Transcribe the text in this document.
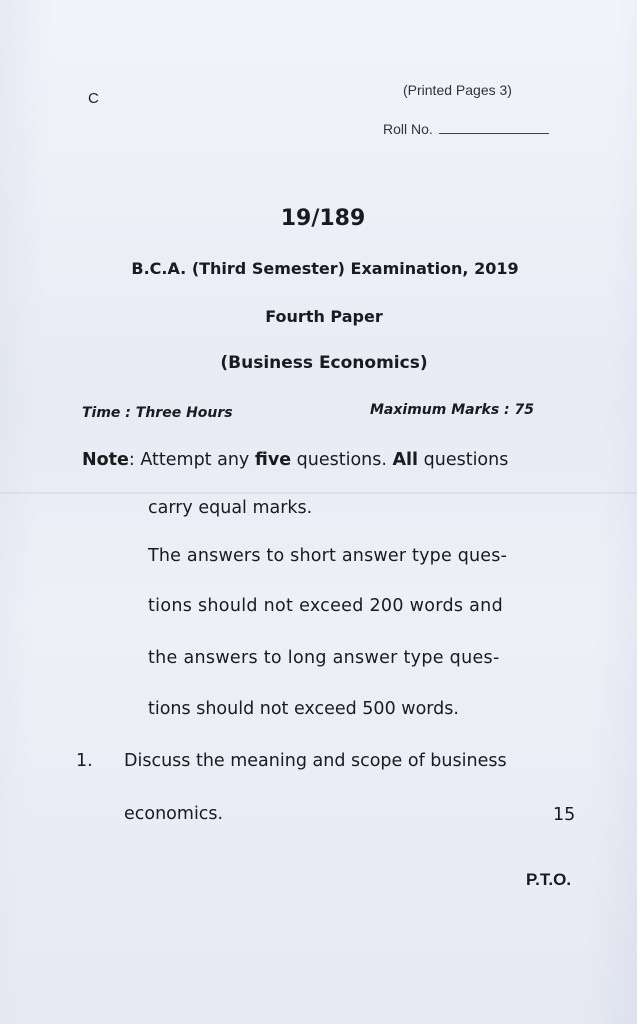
C	(Printed Pages 3)
Roll No.
19/189
B.C.A. (Third Semester) Examination, 2019
Fourth Paper
(Business Economics)
Time : Three Hours	Maximum Marks : 75
Note: Attempt any five questions. All questions
carry equal marks.
The answers to short answer type ques-
tions should not exceed 200 words and
the answers to long answer type ques-
tions should not exceed 500 words.
1. Discuss the meaning and scope of business
economics.	15
P.T.O.
